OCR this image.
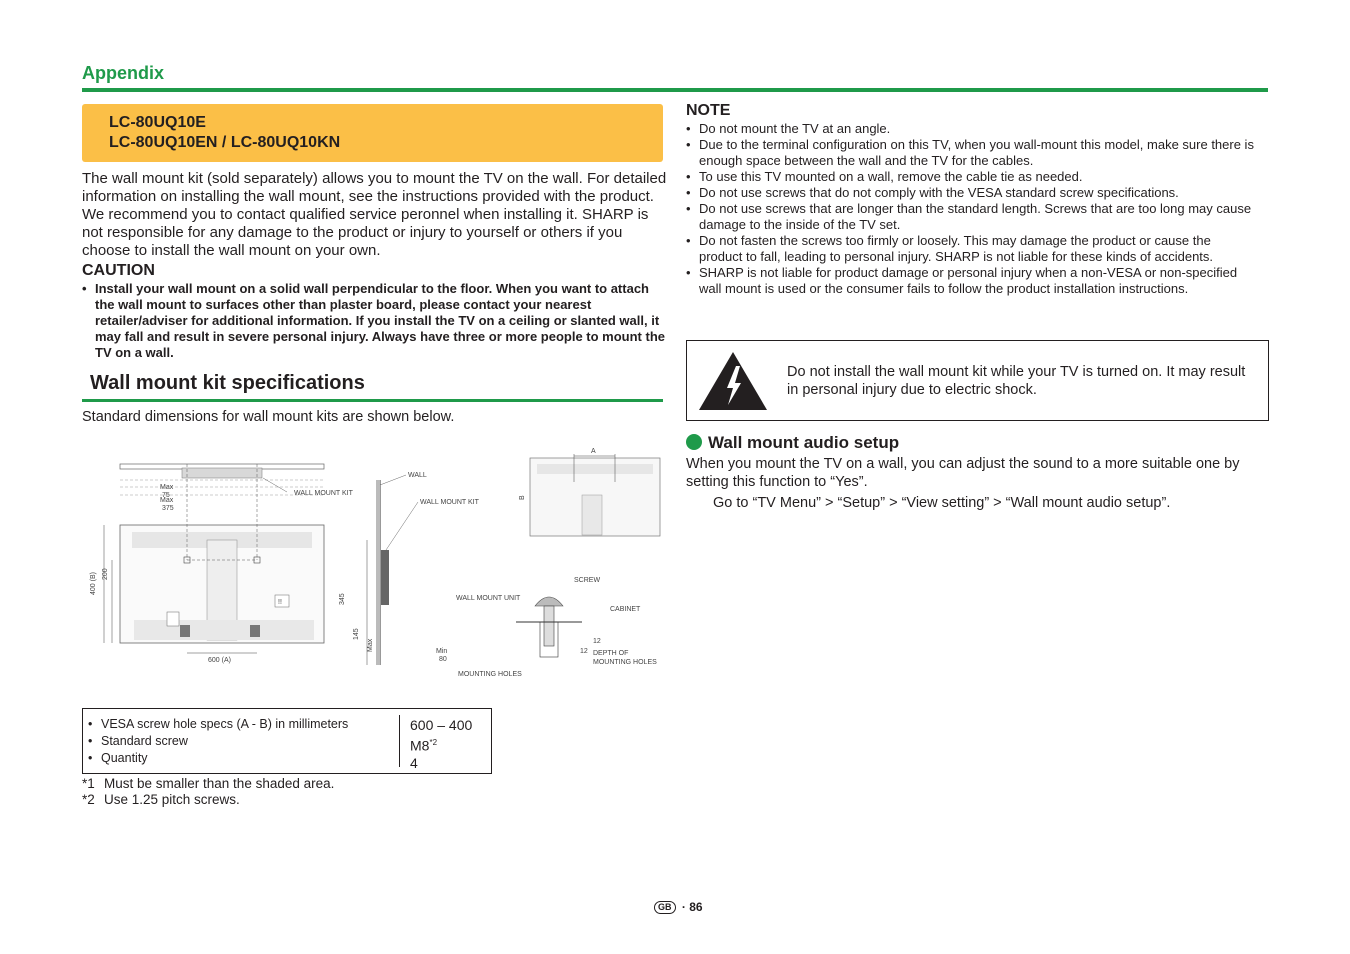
Appendix
LC-80UQ10E
LC-80UQ10EN / LC-80UQ10KN
The wall mount kit (sold separately) allows you to mount the TV on the wall. For detailed information on installing the wall mount, see the instructions provided with the product. We recommend you to contact qualified service peronnel when installing it. SHARP is not responsible for any damage to the product or injury to yourself or others if you choose to install the wall mount on your own.
CAUTION
• Install your wall mount on a solid wall perpendicular to the floor. When you want to attach the wall mount to surfaces other than plaster board, please contact your nearest retailer/adviser for additional information. If you install the TV on a ceiling or slanted wall, it may fall and result in severe personal injury. Always have three or more people to mount the TV on a wall.
Wall mount kit specifications
Standard dimensions for wall mount kits are shown below.
Max
75
Max
375
WALL MOUNT KIT
!!
400 (B) 200
600 (A)
WALL
WALL MOUNT KIT
345
145
Max	Min
80
A
B
SCREW
WALL MOUNT UNIT
CABINET
12
12 DEPTH OF
MOUNTING HOLES
MOUNTING HOLES
• VESA screw hole specs (A - B) in millimeters
• Standard screw
• Quantity
600 – 400
M8$^{*2}$
4
*1 Must be smaller than the shaded area.
*2 Use 1.25 pitch screws.
NOTE
• Do not mount the TV at an angle.
• Due to the terminal configuration on this TV, when you wall-mount this model, make sure there is enough space between the wall and the TV for the cables.
• To use this TV mounted on a wall, remove the cable tie as needed.
• Do not use screws that do not comply with the VESA standard screw specifications.
• Do not use screws that are longer than the standard length. Screws that are too long may cause damage to the inside of the TV set.
• Do not fasten the screws too firmly or loosely. This may damage the product or cause the product to fall, leading to personal injury. SHARP is not liable for these kinds of accidents.
• SHARP is not liable for product damage or personal injury when a non-VESA or non-specified wall mount is used or the consumer fails to follow the product installation instructions.
Do not install the wall mount kit while your TV is turned on. It may result in personal injury due to electric shock.
Wall mount audio setup
When you mount the TV on a wall, you can adjust the sound to a more suitable one by setting this function to “Yes”.
Go to “TV Menu” > “Setup” > “View setting” > “Wall mount audio setup”.
GB · 86
